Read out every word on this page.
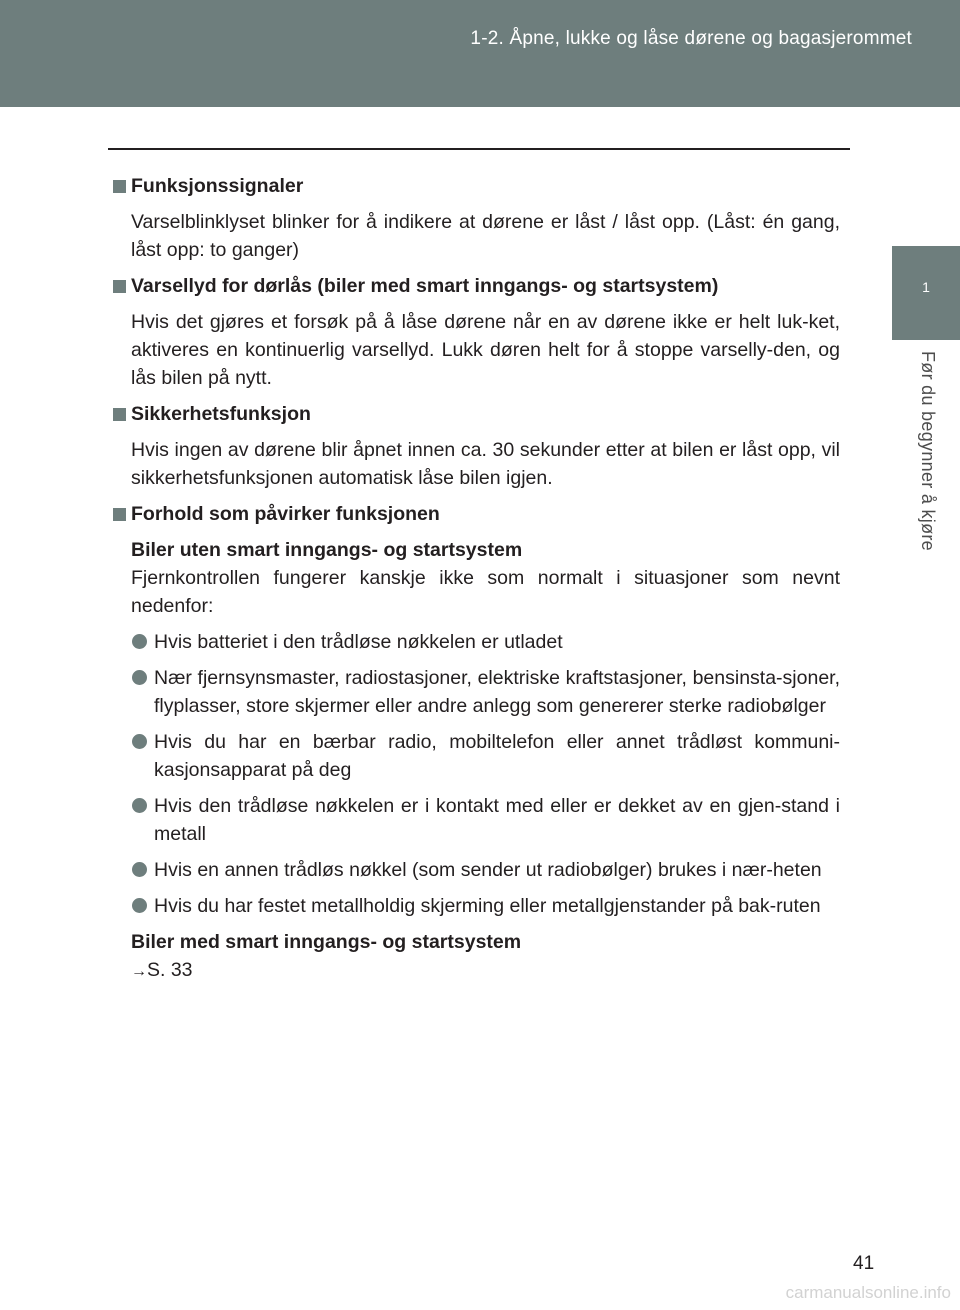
1-2. Åpne, lukke og låse dørene og bagasjerommet
1
Før du begynner å kjøre
Funksjonssignaler
Varselblinklyset blinker for å indikere at dørene er låst / låst opp. (Låst: én gang, låst opp: to ganger)
Varsellyd for dørlås (biler med smart inngangs- og startsystem)
Hvis det gjøres et forsøk på å låse dørene når en av dørene ikke er helt luk-ket, aktiveres en kontinuerlig varsellyd. Lukk døren helt for å stoppe varselly-den, og lås bilen på nytt.
Sikkerhetsfunksjon
Hvis ingen av dørene blir åpnet innen ca. 30 sekunder etter at bilen er låst opp, vil sikkerhetsfunksjonen automatisk låse bilen igjen.
Forhold som påvirker funksjonen
Biler uten smart inngangs- og startsystem
Fjernkontrollen fungerer kanskje ikke som normalt i situasjoner som nevnt nedenfor:
Hvis batteriet i den trådløse nøkkelen er utladet
Nær fjernsynsmaster, radiostasjoner, elektriske kraftstasjoner, bensinsta-sjoner, flyplasser, store skjermer eller andre anlegg som genererer sterke radiobølger
Hvis du har en bærbar radio, mobiltelefon eller annet trådløst kommuni-kasjonsapparat på deg
Hvis den trådløse nøkkelen er i kontakt med eller er dekket av en gjen-stand i metall
Hvis en annen trådløs nøkkel (som sender ut radiobølger) brukes i nær-heten
Hvis du har festet metallholdig skjerming eller metallgjenstander på bak-ruten
Biler med smart inngangs- og startsystem
→S. 33
41
carmanualsonline.info
